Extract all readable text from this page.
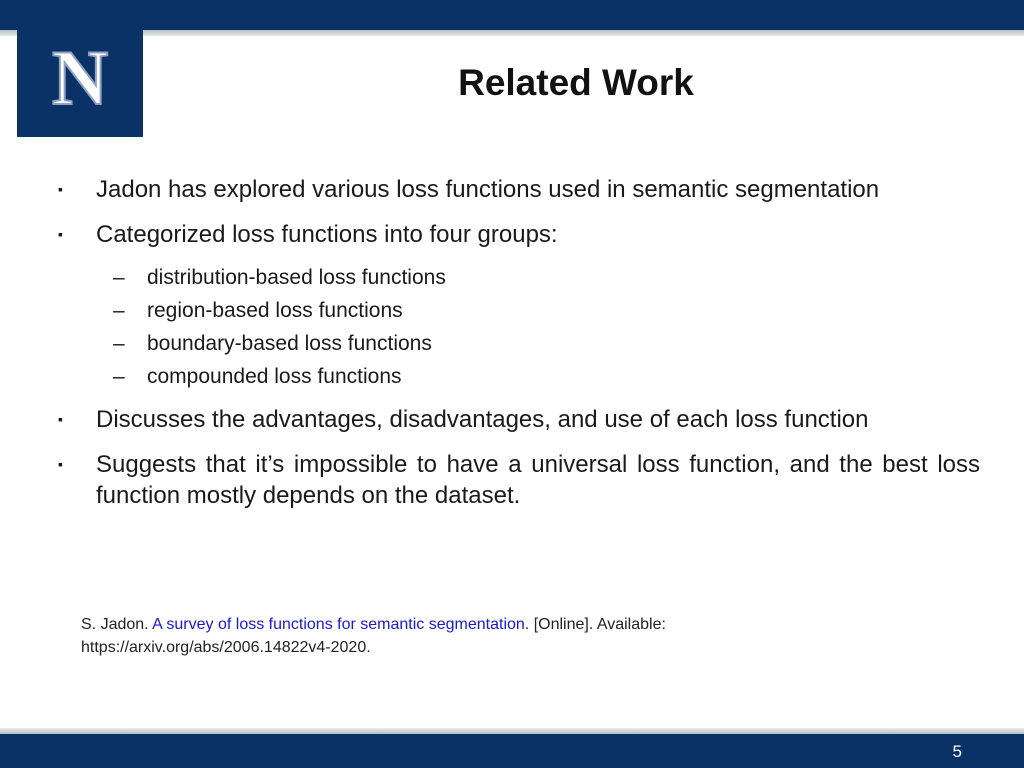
N	Related Work
▪ Jadon has explored various loss functions used in semantic segmentation
▪ Categorized loss functions into four groups:
– distribution-based loss functions
– region-based loss functions
– boundary-based loss functions
– compounded loss functions
▪ Discusses the advantages, disadvantages, and use of each loss function
▪ Suggests that it’s impossible to have a universal loss function, and the best loss function mostly depends on the dataset.
S. Jadon. A survey of loss functions for semantic segmentation. [Online]. Available: https://arxiv.org/abs/2006.14822v4-2020.
5
